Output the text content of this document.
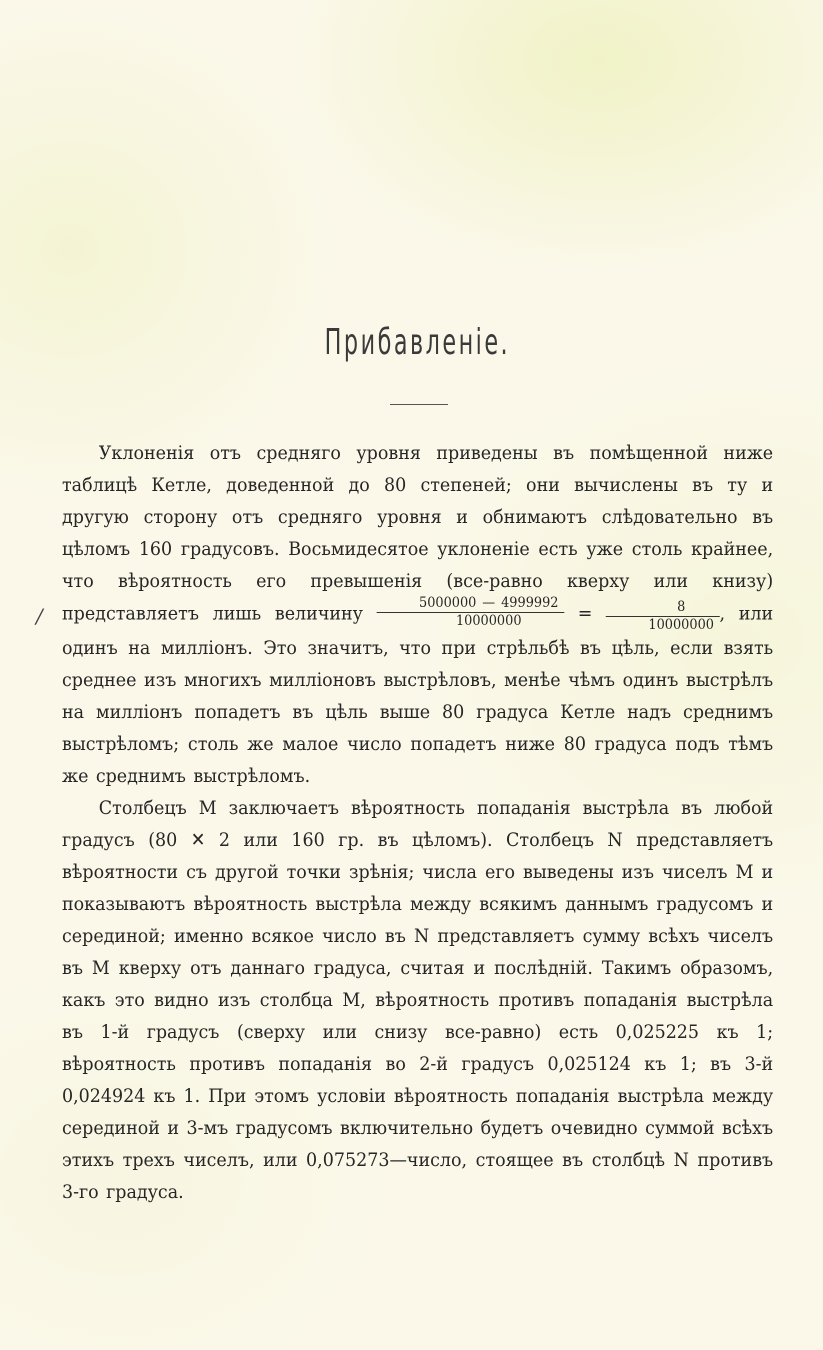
Прибавленіе.
/

Уклоненія отъ средняго уровня приведены въ помѣщенной ниже таблицѣ Кетле, доведенной до 80 степеней; они вычислены въ ту и другую сторону отъ средняго уровня и обнимаютъ слѣдовательно въ цѣломъ 160 градусовъ. Восьмидесятое уклоненіе есть уже столь крайнее, что вѣроятность его превышенія (все-равно кверху или книзу) представляетъ лишь величину $\frac{5000000 — 4999992}{10000000} = \frac{8}{10000000}$ , или одинъ на милліонъ. Это значитъ, что при стрѣльбѣ въ цѣль, если взять среднее изъ многихъ милліоновъ выстрѣловъ, менѣе чѣмъ одинъ выстрѣлъ на милліонъ попадетъ въ цѣль выше 80 градуса Кетле надъ среднимъ выстрѣломъ; столь же малое число попадетъ ниже 80 градуса подъ тѣмъ же среднимъ выстрѣломъ.

Столбецъ M заключаетъ вѣроятность попаданія выстрѣла въ любой градусъ (80 ✕ 2 или 160 гр. въ цѣломъ). Столбецъ N представляетъ вѣроятности съ другой точки зрѣнія; числа его выведены изъ чиселъ M и показываютъ вѣроятность выстрѣла между всякимъ даннымъ градусомъ и серединой; именно всякое число въ N представляетъ сумму всѣхъ чиселъ въ M кверху отъ даннаго градуса, считая и послѣдній. Такимъ образомъ, какъ это видно изъ столбца M, вѣроятность противъ попаданія выстрѣла въ 1-й градусъ (сверху или снизу все-равно) есть 0,025225 къ 1; вѣроятность противъ попаданія во 2-й градусъ 0,025124 къ 1; въ 3-й 0,024924 къ 1. При этомъ условіи вѣроятность попаданія выстрѣла между серединой и 3-мъ градусомъ включительно будетъ очевидно суммой всѣхъ этихъ трехъ чиселъ, или 0,075273—число, стоящее въ столбцѣ N противъ 3-го градуса.
